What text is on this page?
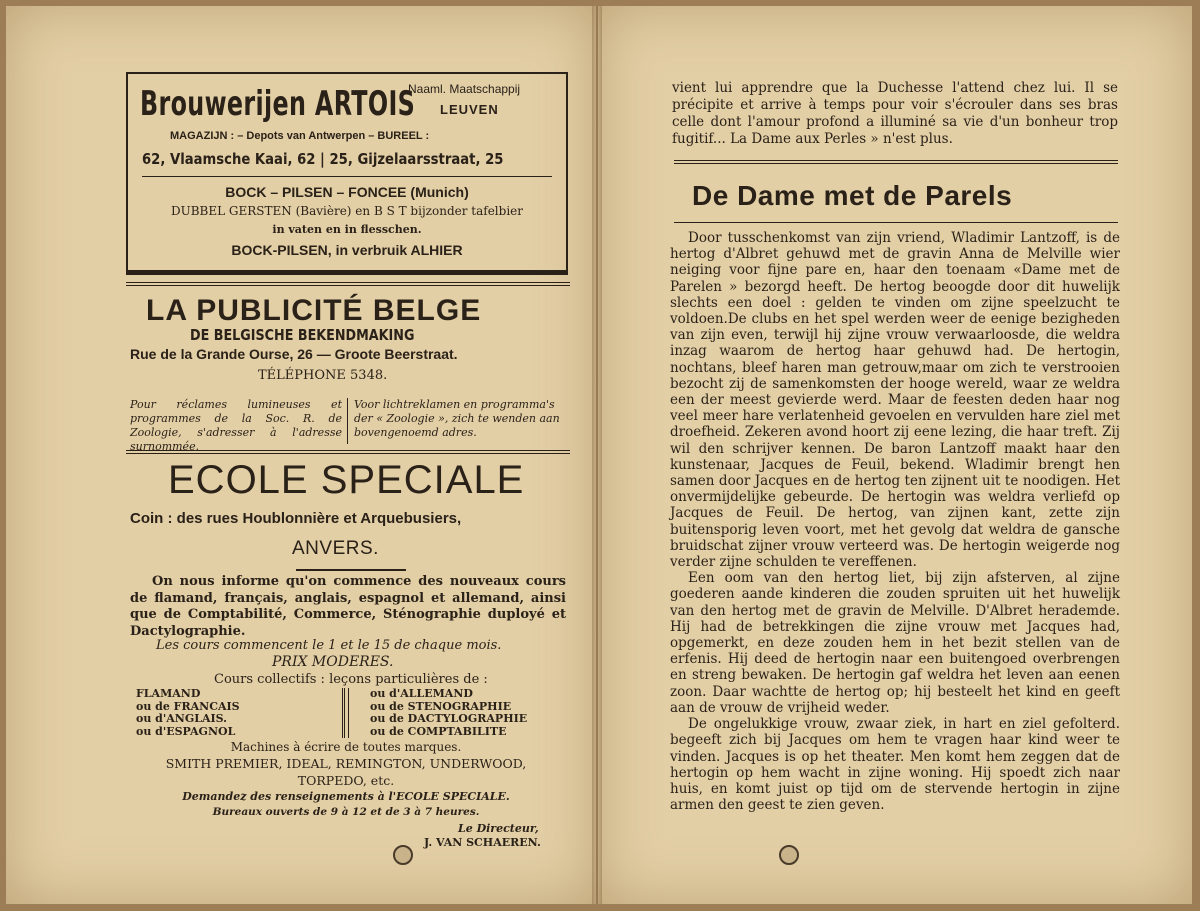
Brouwerijen ARTOIS
Naaml. Maatschappij
LEUVEN
MAGAZIJN : – Depots van Antwerpen – BUREEL :
62, Vlaamsche Kaai, 62 | 25, Gijzelaarsstraat, 25
BOCK – PILSEN – FONCEE (Munich)
DUBBEL GERSTEN (Bavière) en B S T bijzonder tafelbier
in vaten en in flesschen.
BOCK-PILSEN, in verbruik ALHIER
LA PUBLICITÉ BELGE
DE BELGISCHE BEKENDMAKING
Rue de la Grande Ourse, 26 — Groote Beerstraat.
TÉLÉPHONE 5348.
Pour réclames lumineuses et programmes de la Soc. R. de Zoologie, s'adresser à l'adresse surnommée.
Voor lichtreklamen en programma's der « Zoologie », zich te wenden aan bovengenoemd adres.
ECOLE SPECIALE
Coin : des rues Houblonnière et Arquebusiers,
ANVERS.
On nous informe qu'on commence des nouveaux cours de flamand, français, anglais, espagnol et allemand, ainsi que de Comptabilité, Commerce, Sténographie duployé et Dactylographie.
Les cours commencent le 1 et le 15 de chaque mois.
PRIX MODERES.
Cours collectifs : leçons particulières de :
FLAMAND
ou de FRANCAIS
ou d'ANGLAIS.
ou d'ESPAGNOL
ou d'ALLEMAND
ou de STENOGRAPHIE
ou de DACTYLOGRAPHIE
ou de COMPTABILITE
Machines à écrire de toutes marques.
SMITH PREMIER, IDEAL, REMINGTON, UNDERWOOD,
TORPEDO, etc.
Demandez des renseignements à l'ECOLE SPECIALE.
Bureaux ouverts de 9 à 12 et de 3 à 7 heures.
Le Directeur,
J. VAN SCHAEREN.
vient lui apprendre que la Duchesse l'attend chez lui. Il se précipite et arrive à temps pour voir s'écrouler dans ses bras celle dont l'amour profond a illuminé sa vie d'un bonheur trop fugitif... La Dame aux Perles » n'est plus.
De Dame met de Parels

Door tusschenkomst van zijn vriend, Wladimir Lantzoff, is de hertog d'Albret gehuwd met de gravin Anna de Melville wier neiging voor fijne pare en, haar den toenaam «Dame met de Parelen » bezorgd heeft. De hertog beoogde door dit huwelijk slechts een doel : gelden te vinden om zijne speelzucht te voldoen.De clubs en het spel werden weer de eenige bezigheden van zijn even, terwijl hij zijne vrouw verwaarloosde, die weldra inzag waarom de hertog haar gehuwd had. De hertogin, nochtans, bleef haren man getrouw,maar om zich te verstrooien bezocht zij de samenkomsten der hooge wereld, waar ze weldra een der meest gevierde werd. Maar de feesten deden haar nog veel meer hare verlatenheid gevoelen en vervulden hare ziel met droefheid. Zekeren avond hoort zij eene lezing, die haar treft. Zij wil den schrijver kennen. De baron Lantzoff maakt haar den kunstenaar, Jacques de Feuil, bekend. Wladimir brengt hen samen door Jacques en de hertog ten zijnent uit te noodigen. Het onvermijdelijke gebeurde. De hertogin was weldra verliefd op Jacques de Feuil. De hertog, van zijnen kant, zette zijn buitensporig leven voort, met het gevolg dat weldra de gansche bruidschat zijner vrouw verteerd was. De hertogin weigerde nog verder zijne schulden te vereffenen.

Een oom van den hertog liet, bij zijn afsterven, al zijne goederen aande kinderen die zouden spruiten uit het huwelijk van den hertog met de gravin de Melville. D'Albret herademde. Hij had de betrekkingen die zijne vrouw met Jacques had, opgemerkt, en deze zouden hem in het bezit stellen van de erfenis. Hij deed de hertogin naar een buitengoed overbrengen en streng bewaken. De hertogin gaf weldra het leven aan eenen zoon. Daar wachtte de hertog op; hij besteelt het kind en geeft aan de vrouw de vrijheid weder.

De ongelukkige vrouw, zwaar ziek, in hart en ziel gefolterd. begeeft zich bij Jacques om hem te vragen haar kind weer te vinden. Jacques is op het theater. Men komt hem zeggen dat de hertogin op hem wacht in zijne woning. Hij spoedt zich naar huis, en komt juist op tijd om de stervende hertogin in zijne armen den geest te zien geven.
